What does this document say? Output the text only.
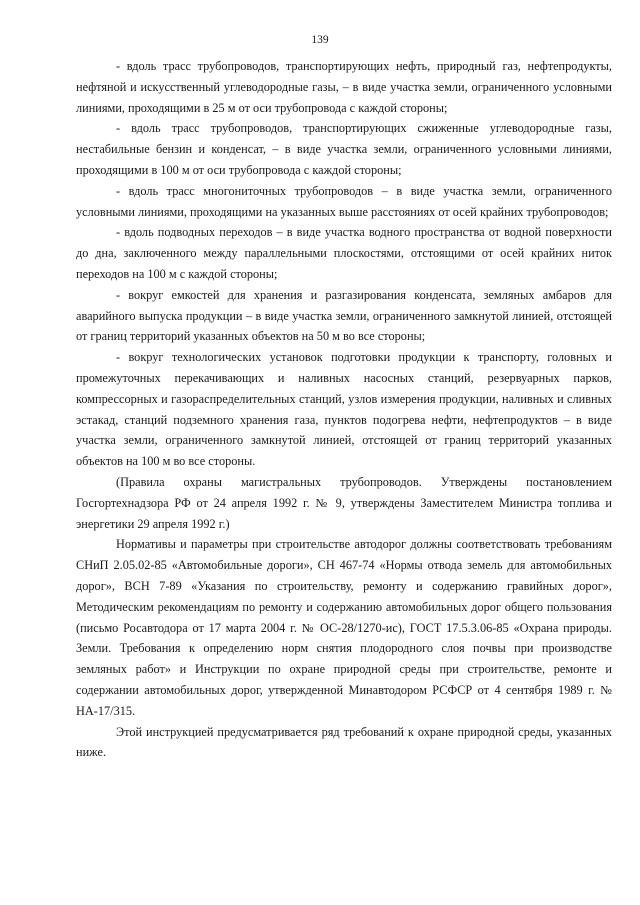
139

- вдоль трасс трубопроводов, транспортирующих нефть, природный газ, нефтепродукты, нефтяной и искусственный углеводородные газы, – в виде участка земли, ограниченного условными линиями, проходящими в 25 м от оси трубопровода с каждой стороны;

- вдоль трасс трубопроводов, транспортирующих сжиженные углеводородные газы, нестабильные бензин и конденсат, – в виде участка земли, ограниченного условными линиями, проходящими в 100 м от оси трубопровода с каждой стороны;

- вдоль трасс многониточных трубопроводов – в виде участка земли, ограниченного условными линиями, проходящими на указанных выше расстояниях от осей крайних трубопроводов;

- вдоль подводных переходов – в виде участка водного пространства от водной поверхности до дна, заключенного между параллельными плоскостями, отстоящими от осей крайних ниток переходов на 100 м с каждой стороны;

- вокруг емкостей для хранения и разгазирования конденсата, земляных амбаров для аварийного выпуска продукции – в виде участка земли, ограниченного замкнутой линией, отстоящей от границ территорий указанных объектов на 50 м во все стороны;

- вокруг технологических установок подготовки продукции к транспорту, головных и промежуточных перекачивающих и наливных насосных станций, резервуарных парков, компрессорных и газораспределительных станций, узлов измерения продукции, наливных и сливных эстакад, станций подземного хранения газа, пунктов подогрева нефти, нефтепродуктов – в виде участка земли, ограниченного замкнутой линией, отстоящей от границ территорий указанных объектов на 100 м во все стороны.

(Правила охраны магистральных трубопроводов. Утверждены постановлением Госгортехнадзора РФ от 24 апреля 1992 г. № 9, утверждены Заместителем Министра топлива и энергетики 29 апреля 1992 г.)

Нормативы и параметры при строительстве автодорог должны соответствовать требованиям СНиП 2.05.02-85 «Автомобильные дороги», СН 467-74 «Нормы отвода земель для автомобильных дорог», ВСН 7-89 «Указания по строительству, ремонту и содержанию гравийных дорог», Методическим рекомендациям по ремонту и содержанию автомобильных дорог общего пользования (письмо Росавтодора от 17 марта 2004 г. № ОС-28/1270-ис), ГОСТ 17.5.3.06-85 «Охрана природы. Земли. Требования к определению норм снятия плодородного слоя почвы при производстве земляных работ» и Инструкции по охране природной среды при строительстве, ремонте и содержании автомобильных дорог, утвержденной Минавтодором РСФСР от 4 сентября 1989 г. № НА-17/315.

Этой инструкцией предусматривается ряд требований к охране природной среды, указанных ниже.
